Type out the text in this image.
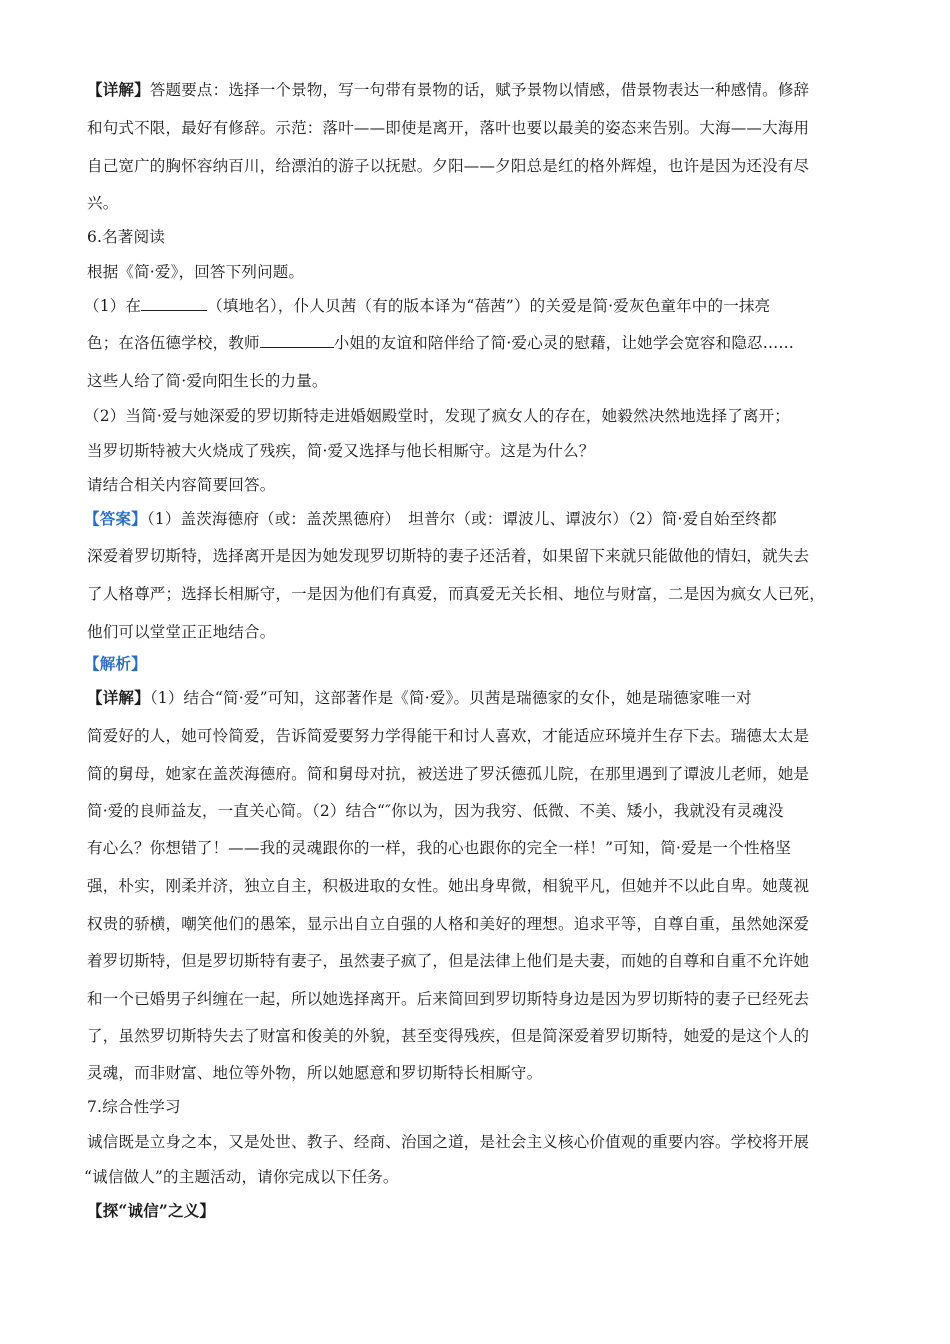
【详解】答题要点：选择一个景物，写一句带有景物的话，赋予景物以情感，借景物表达一种感情。修辞
和句式不限，最好有修辞。示范：落叶——即使是离开，落叶也要以最美的姿态来告别。大海——大海用
自己宽广的胸怀容纳百川，给漂泊的游子以抚慰。夕阳——夕阳总是红的格外辉煌，也许是因为还没有尽
兴。
6.名著阅读
根据《简·爱》，回答下列问题。
（1）在	（填地名），仆人贝茜（有的版本译为“蓓茜”）的关爱是简·爱灰色童年中的一抹亮
色；在洛伍德学校，教师	小姐的友谊和陪伴给了简·爱心灵的慰藉，让她学会宽容和隐忍……
这些人给了简·爱向阳生长的力量。
（2）当简·爱与她深爱的罗切斯特走进婚姻殿堂时，发现了疯女人的存在，她毅然决然地选择了离开；
当罗切斯特被大火烧成了残疾，简·爱又选择与他长相厮守。这是为什么？
请结合相关内容简要回答。
【答案】（1）盖茨海德府（或：盖茨黑德府）　坦普尔（或：谭波儿、谭波尔）（2）简·爱自始至终都
深爱着罗切斯特，选择离开是因为她发现罗切斯特的妻子还活着，如果留下来就只能做他的情妇，就失去
了人格尊严；选择长相厮守，一是因为他们有真爱，而真爱无关长相、地位与财富，二是因为疯女人已死，
他们可以堂堂正正地结合。
【解析】
【详解】（1）结合“简·爱”可知，这部著作是《简·爱》。贝茜是瑞德家的女仆，她是瑞德家唯一对
简爱好的人，她可怜简爱，告诉简爱要努力学得能干和讨人喜欢，才能适应环境并生存下去。瑞德太太是
简的舅母，她家在盖茨海德府。简和舅母对抗，被送进了罗沃德孤儿院，在那里遇到了谭波儿老师，她是
简·爱的良师益友，一直关心简。（2）结合“″你以为，因为我穷、低微、不美、矮小，我就没有灵魂没
有心么？你想错了！——我的灵魂跟你的一样，我的心也跟你的完全一样！”可知，简·爱是一个性格坚
强，朴实，刚柔并济，独立自主，积极进取的女性。她出身卑微，相貌平凡，但她并不以此自卑。她蔑视
权贵的骄横，嘲笑他们的愚笨，显示出自立自强的人格和美好的理想。追求平等，自尊自重，虽然她深爱
着罗切斯特，但是罗切斯特有妻子，虽然妻子疯了，但是法律上他们是夫妻，而她的自尊和自重不允许她
和一个已婚男子纠缠在一起，所以她选择离开。后来简回到罗切斯特身边是因为罗切斯特的妻子已经死去
了，虽然罗切斯特失去了财富和俊美的外貌，甚至变得残疾，但是简深爱着罗切斯特，她爱的是这个人的
灵魂，而非财富、地位等外物，所以她愿意和罗切斯特长相厮守。
7.综合性学习
诚信既是立身之本，又是处世、教子、经商、治国之道，是社会主义核心价值观的重要内容。学校将开展
“诚信做人”的主题活动，请你完成以下任务。
【探“诚信”之义】
